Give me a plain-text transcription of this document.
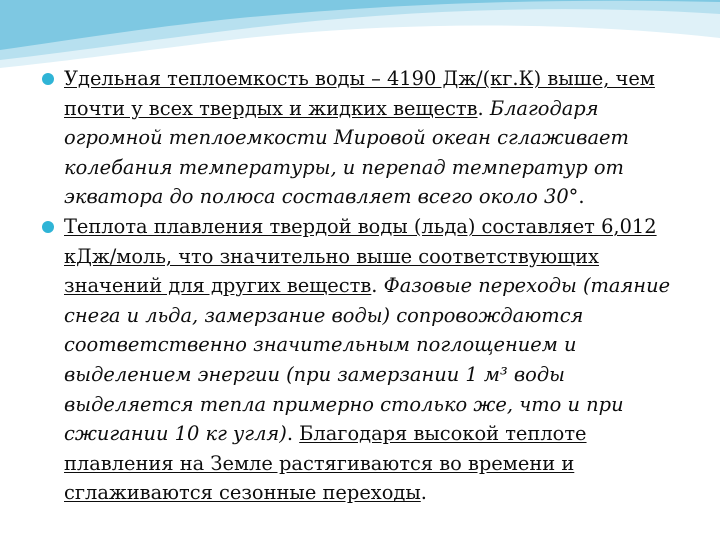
Удельная теплоемкость воды – 4190 Дж/(кг.К) выше, чем почти у всех твердых и жидких веществ. Благодаря огромной теплоемкости Мировой океан сглаживает колебания температуры, и перепад температур от экватора до полюса составляет всего около 30°.

Теплота плавления твердой воды (льда) составляет 6,012 кДж/моль, что значительно выше соответствующих значений для других веществ. Фазовые переходы (таяние снега и льда, замерзание воды) сопровождаются соответственно значительным поглощением и выделением энергии (при замерзании 1 м³ воды выделяется тепла примерно столько же, что и при сжигании 10 кг угля). Благодаря высокой теплоте плавления на Земле растягиваются во времени и сглаживаются сезонные переходы.
